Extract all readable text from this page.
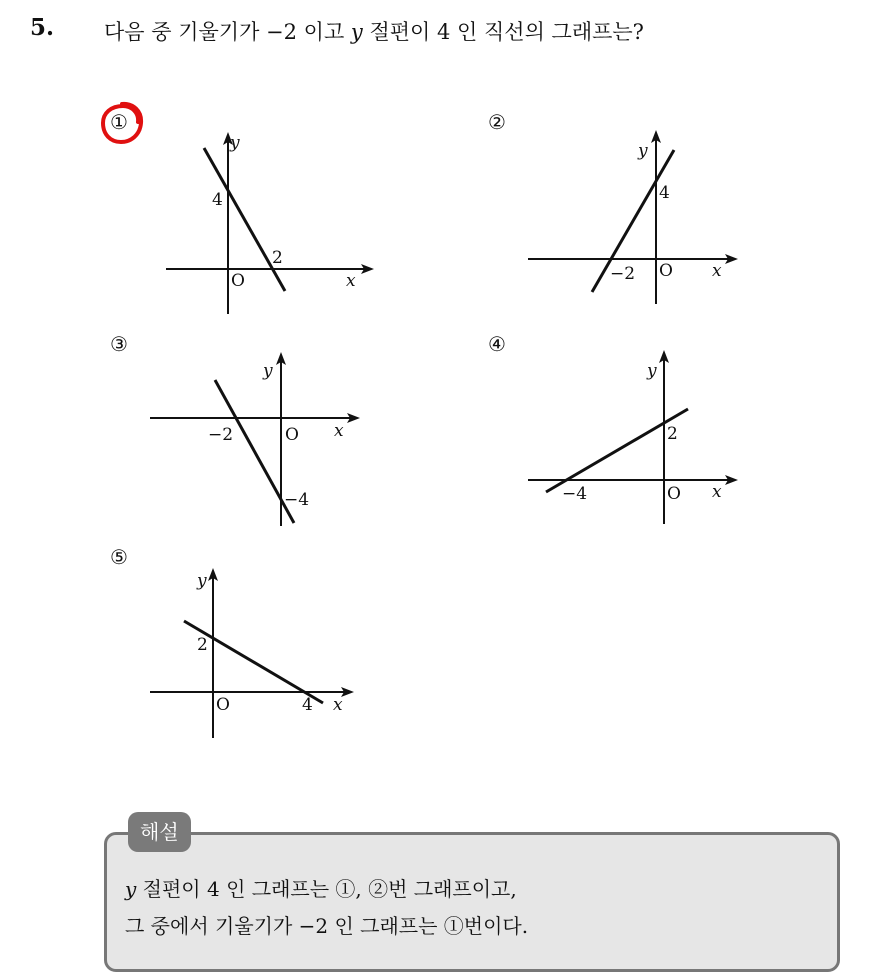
5. 다음 중 기울기가 −2 이고 y 절편이 4 인 직선의 그래프는?
①
x
y
4
2
O
②
x
y
4
−2 O
③
x
y
−2	O
−4
④
x
y
2
−4	O
⑤
x
y
2
O	4
해설
y 절편이 4 인 그래프는 ①, ②번 그래프이고,
그 중에서 기울기가 −2 인 그래프는 ①번이다.
